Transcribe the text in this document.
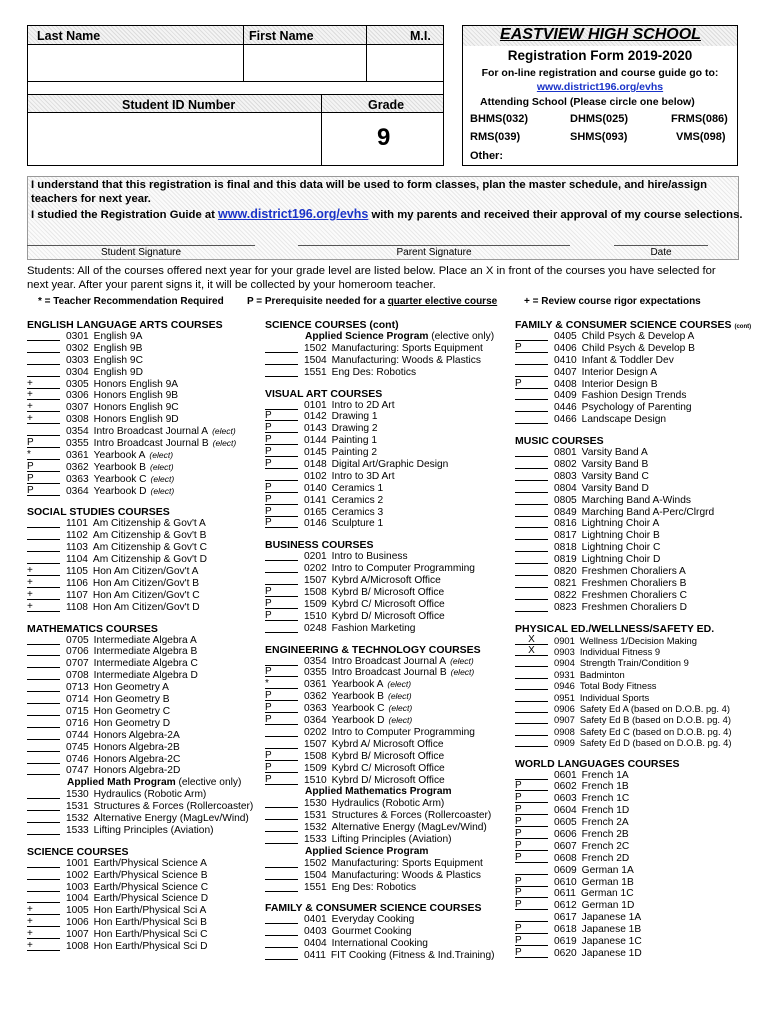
Last Name	First Name	M.I.
Student ID Number	Grade
9
EASTVIEW HIGH SCHOOL
Registration Form 2019-2020
For on-line registration and course guide go to:
www.district196.org/evhs
Attending School (Please circle one below)
BHMS(032)	DHMS(025)	FRMS(086)
RMS(039)	SHMS(093)	VMS(098)
Other:
I understand that this registration is final and this data will be used to form classes, plan the master schedule, and hire/assign
teachers for next year.
I studied the Registration Guide at www.district196.org/evhs with my parents and received their approval of my course selections.
Student Signature	Parent Signature	Date
Students: All of the courses offered next year for your grade level are listed below. Place an X in front of the courses you have selected for
next year. After your parent signs it, it will be collected by your homeroom teacher.
* = Teacher Recommendation Required P = Prerequisite needed for a quarter elective course	+ = Review course rigor expectations
ENGLISH LANGUAGE ARTS COURSES
0301 English 9A
0302 English 9B
0303 English 9C
0304 English 9D
+	0305 Honors English 9A
+	0306 Honors English 9B
+	0307 Honors English 9C
+	0308 Honors English 9D
0354 Intro Broadcast Journal A (elect)
P	0355 Intro Broadcast Journal B (elect)
*	0361 Yearbook A (elect)
P	0362 Yearbook B (elect)
P	0363 Yearbook C (elect)
P	0364 Yearbook D (elect)
SOCIAL STUDIES COURSES
1101 Am Citizenship & Gov't A
1102 Am Citizenship & Gov't B
1103 Am Citizenship & Gov't C
1104 Am Citizenship & Gov't D
+	1105 Hon Am Citizen/Gov't A
+	1106 Hon Am Citizen/Gov't B
+	1107 Hon Am Citizen/Gov't C
+	1108 Hon Am Citizen/Gov't D
MATHEMATICS COURSES
0705 Intermediate Algebra A
0706 Intermediate Algebra B
0707 Intermediate Algebra C
0708 Intermediate Algebra D
0713 Hon Geometry A
0714 Hon Geometry B
0715 Hon Geometry C
0716 Hon Geometry D
0744 Honors Algebra-2A
0745 Honors Algebra-2B
0746 Honors Algebra-2C
0747 Honors Algebra-2D
Applied Math Program (elective only)
1530 Hydraulics (Robotic Arm)
1531 Structures & Forces (Rollercoaster)
1532 Alternative Energy (MagLev/Wind)
1533 Lifting Principles (Aviation)
SCIENCE COURSES
1001 Earth/Physical Science A
1002 Earth/Physical Science B
1003 Earth/Physical Science C
1004 Earth/Physical Science D
+	1005 Hon Earth/Physical Sci A
+	1006 Hon Earth/Physical Sci B
+	1007 Hon Earth/Physical Sci C
+	1008 Hon Earth/Physical Sci D
SCIENCE COURSES (cont)
Applied Science Program (elective only)
1502 Manufacturing: Sports Equipment
1504 Manufacturing: Woods & Plastics
1551 Eng Des: Robotics
VISUAL ART COURSES
0101 Intro to 2D Art
P	0142 Drawing 1
P	0143 Drawing 2
P	0144 Painting 1
P	0145 Painting 2
P	0148 Digital Art/Graphic Design
0102 Intro to 3D Art
P	0140 Ceramics 1
P	0141 Ceramics 2
P	0165 Ceramics 3
P	0146 Sculpture 1
BUSINESS COURSES
0201 Intro to Business
0202 Intro to Computer Programming
1507 Kybrd A/Microsoft Office
P	1508 Kybrd B/ Microsoft Office
P	1509 Kybrd C/ Microsoft Office
P	1510 Kybrd D/ Microsoft Office
0248 Fashion Marketing
ENGINEERING & TECHNOLOGY COURSES
0354 Intro Broadcast Journal A (elect)
P	0355 Intro Broadcast Journal B (elect)
*	0361 Yearbook A (elect)
P	0362 Yearbook B (elect)
P	0363 Yearbook C (elect)
P	0364 Yearbook D (elect)
0202 Intro to Computer Programming
1507 Kybrd A/ Microsoft Office
P	1508 Kybrd B/ Microsoft Office
P	1509 Kybrd C/ Microsoft Office
P	1510 Kybrd D/ Microsoft Office
Applied Mathematics Program
1530 Hydraulics (Robotic Arm)
1531 Structures & Forces (Rollercoaster)
1532 Alternative Energy (MagLev/Wind)
1533 Lifting Principles (Aviation)
Applied Science Program
1502 Manufacturing: Sports Equipment
1504 Manufacturing: Woods & Plastics
1551 Eng Des: Robotics
FAMILY & CONSUMER SCIENCE COURSES
0401 Everyday Cooking
0403 Gourmet Cooking
0404 International Cooking
0411 FIT Cooking (Fitness & Ind.Training)
FAMILY & CONSUMER SCIENCE COURSES (cont)
0405 Child Psych & Develop A
P	0406 Child Psych & Develop B
0410 Infant & Toddler Dev
0407 Interior Design A
P	0408 Interior Design B
0409 Fashion Design Trends
0446 Psychology of Parenting
0466 Landscape Design
MUSIC COURSES
0801 Varsity Band A
0802 Varsity Band B
0803 Varsity Band C
0804 Varsity Band D
0805 Marching Band A-Winds
0849 Marching Band A-Perc/Clrgrd
0816 Lightning Choir A
0817 Lightning Choir B
0818 Lightning Choir C
0819 Lightning Choir D
0820 Freshmen Choraliers A
0821 Freshmen Choraliers B
0822 Freshmen Choraliers C
0823 Freshmen Choraliers D
PHYSICAL ED./WELLNESS/SAFETY ED.
X 0901 Wellness 1/Decision Making
X 0903 Individual Fitness 9
0904 Strength Train/Condition 9
0931 Badminton
0946 Total Body Fitness
0951 Individual Sports
0906 Safety Ed A (based on D.O.B. pg. 4)
0907 Safety Ed B (based on D.O.B. pg. 4)
0908 Safety Ed C (based on D.O.B. pg. 4)
0909 Safety Ed D (based on D.O.B. pg. 4)
WORLD LANGUAGES COURSES
0601 French 1A
P	0602 French 1B
P	0603 French 1C
P	0604 French 1D
P	0605 French 2A
P	0606 French 2B
P	0607 French 2C
P	0608 French 2D
0609 German 1A
P	0610 German 1B
P	0611 German 1C
P	0612 German 1D
0617 Japanese 1A
P	0618 Japanese 1B
P	0619 Japanese 1C
P	0620 Japanese 1D
